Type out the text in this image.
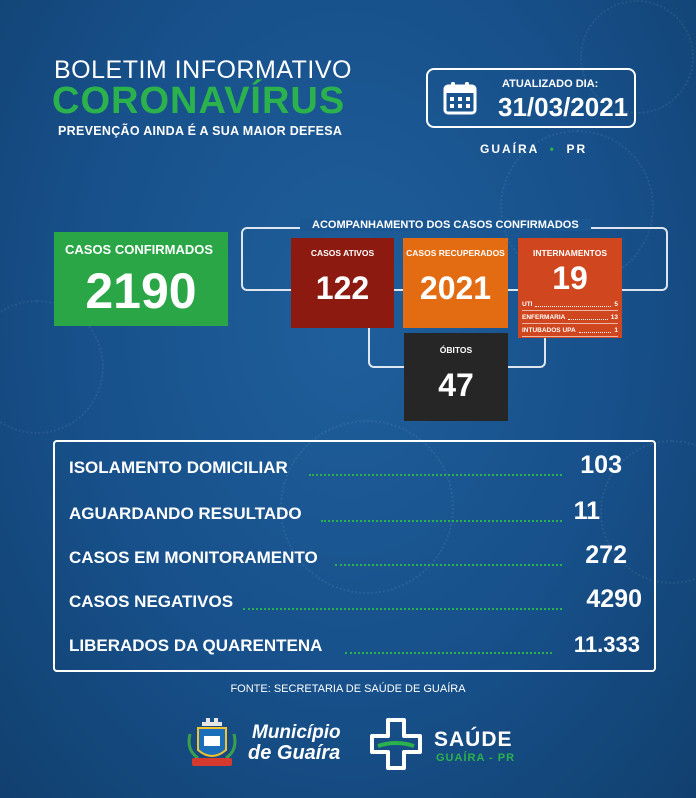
BOLETIM INFORMATIVO
CORONAVÍRUS
PREVENÇÃO AINDA É A SUA MAIOR DEFESA
ATUALIZADO DIA:
31/03/2021
GUAÍRA  •  PR
CASOS CONFIRMADOS
2190
ACOMPANHAMENTO DOS CASOS CONFIRMADOS
CASOS ATIVOS
122
CASOS RECUPERADOS
2021
INTERNAMENTOS
19
UTI	5
ENFERMARIA	13
INTUBADOS UPA	1
ÓBITOS
47
ISOLAMENTO DOMICILIAR	103
AGUARDANDO RESULTADO	11
CASOS EM MONITORAMENTO	272
CASOS NEGATIVOS	4290
LIBERADOS DA QUARENTENA	11.333
FONTE: SECRETARIA DE SAÚDE DE GUAÍRA
Município
de Guaíra
SAÚDE
GUAÍRA - PR
